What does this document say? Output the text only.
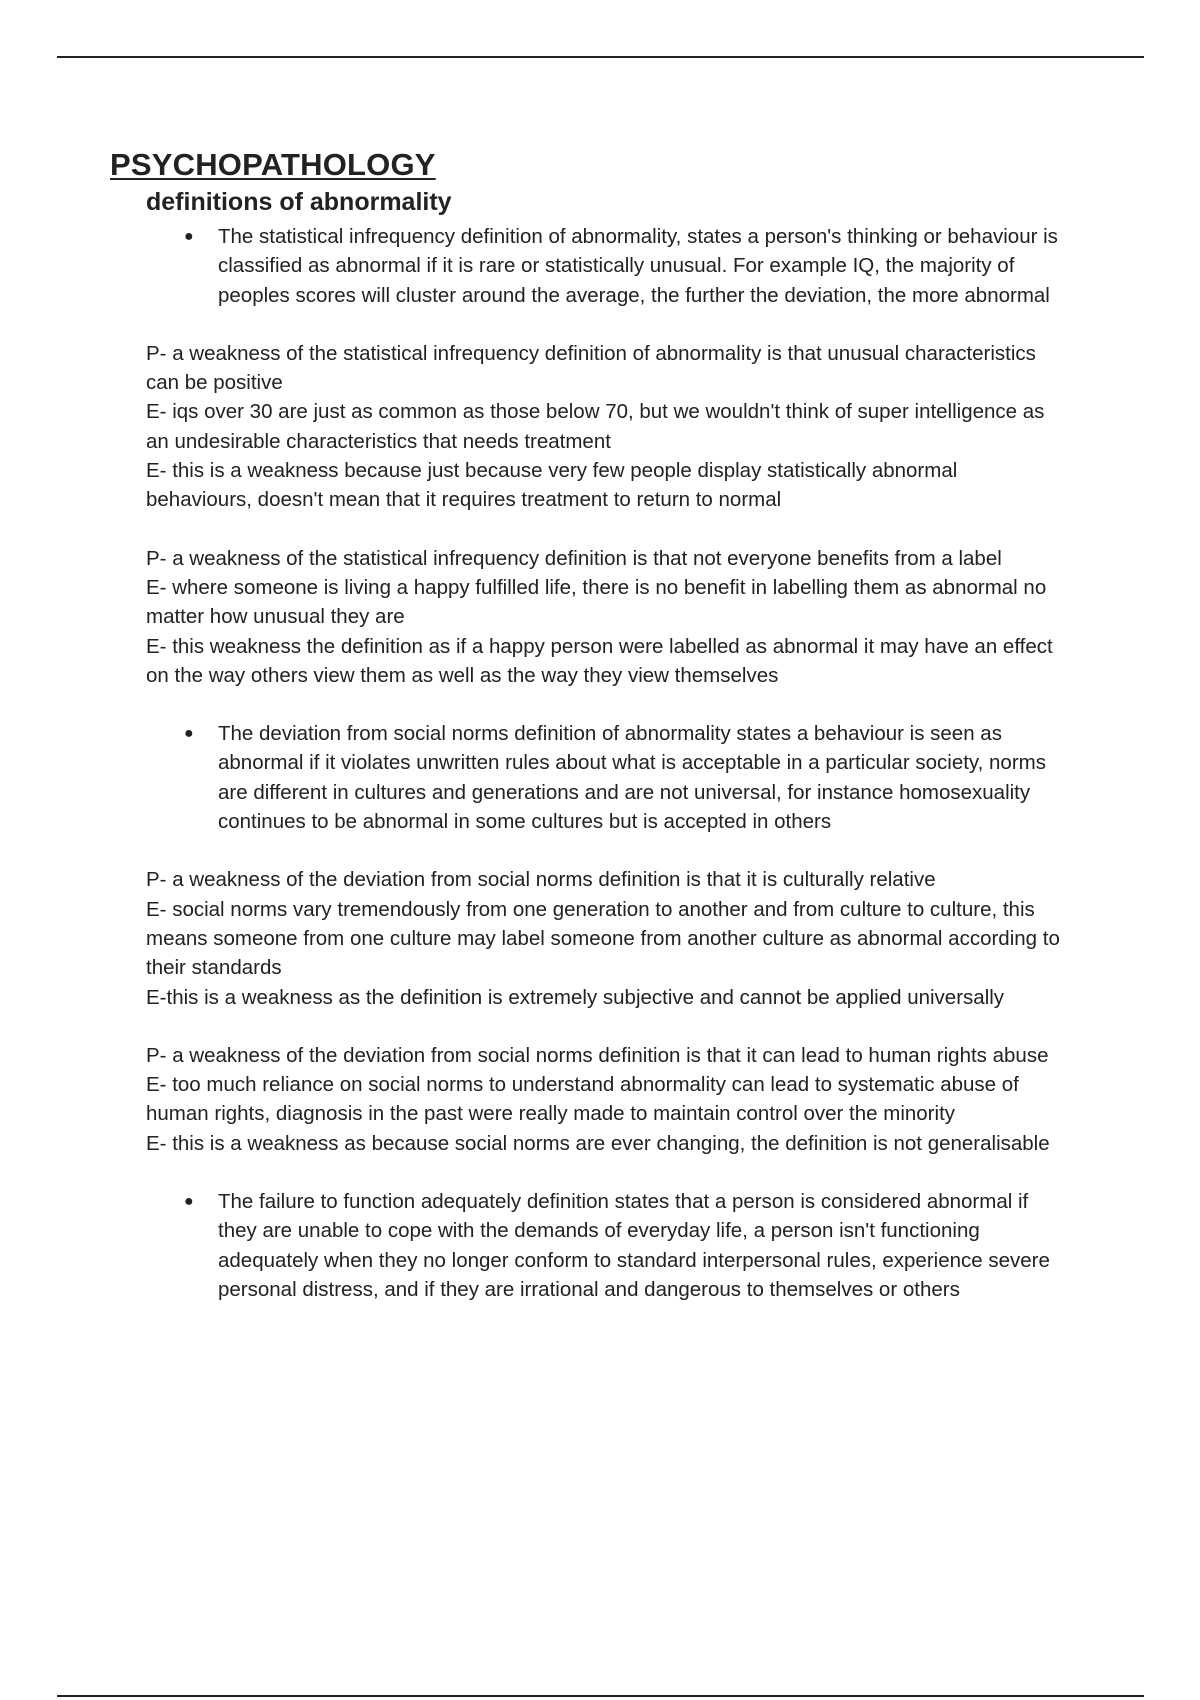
PSYCHOPATHOLOGY
definitions of abnormality
● The statistical infrequency definition of abnormality, states a person's thinking or behaviour is classified as abnormal if it is rare or statistically unusual. For example IQ, the majority of peoples scores will cluster around the average, the further the deviation, the more abnormal

P- a weakness of the statistical infrequency definition of abnormality is that unusual characteristics can be positive

E- iqs over 30 are just as common as those below 70, but we wouldn't think of super intelligence as an undesirable characteristics that needs treatment

E- this is a weakness because just because very few people display statistically abnormal behaviours, doesn't mean that it requires treatment to return to normal

P- a weakness of the statistical infrequency definition is that not everyone benefits from a label

E- where someone is living a happy fulfilled life, there is no benefit in labelling them as abnormal no matter how unusual they are

E- this weakness the definition as if a happy person were labelled as abnormal it may have an effect on the way others view them as well as the way they view themselves

● The deviation from social norms definition of abnormality states a behaviour is seen as abnormal if it violates unwritten rules about what is acceptable in a particular society, norms are different in cultures and generations and are not universal, for instance homosexuality continues to be abnormal in some cultures but is accepted in others

P- a weakness of the deviation from social norms definition is that it is culturally relative

E- social norms vary tremendously from one generation to another and from culture to culture, this means someone from one culture may label someone from another culture as abnormal according to their standards

E-this is a weakness as the definition is extremely subjective and cannot be applied universally

P- a weakness of the deviation from social norms definition is that it can lead to human rights abuse

E- too much reliance on social norms to understand abnormality can lead to systematic abuse of human rights, diagnosis in the past were really made to maintain control over the minority

E- this is a weakness as because social norms are ever changing, the definition is not generalisable

● The failure to function adequately definition states that a person is considered abnormal if they are unable to cope with the demands of everyday life, a person isn't functioning adequately when they no longer conform to standard interpersonal rules, experience severe personal distress, and if they are irrational and dangerous to themselves or others
